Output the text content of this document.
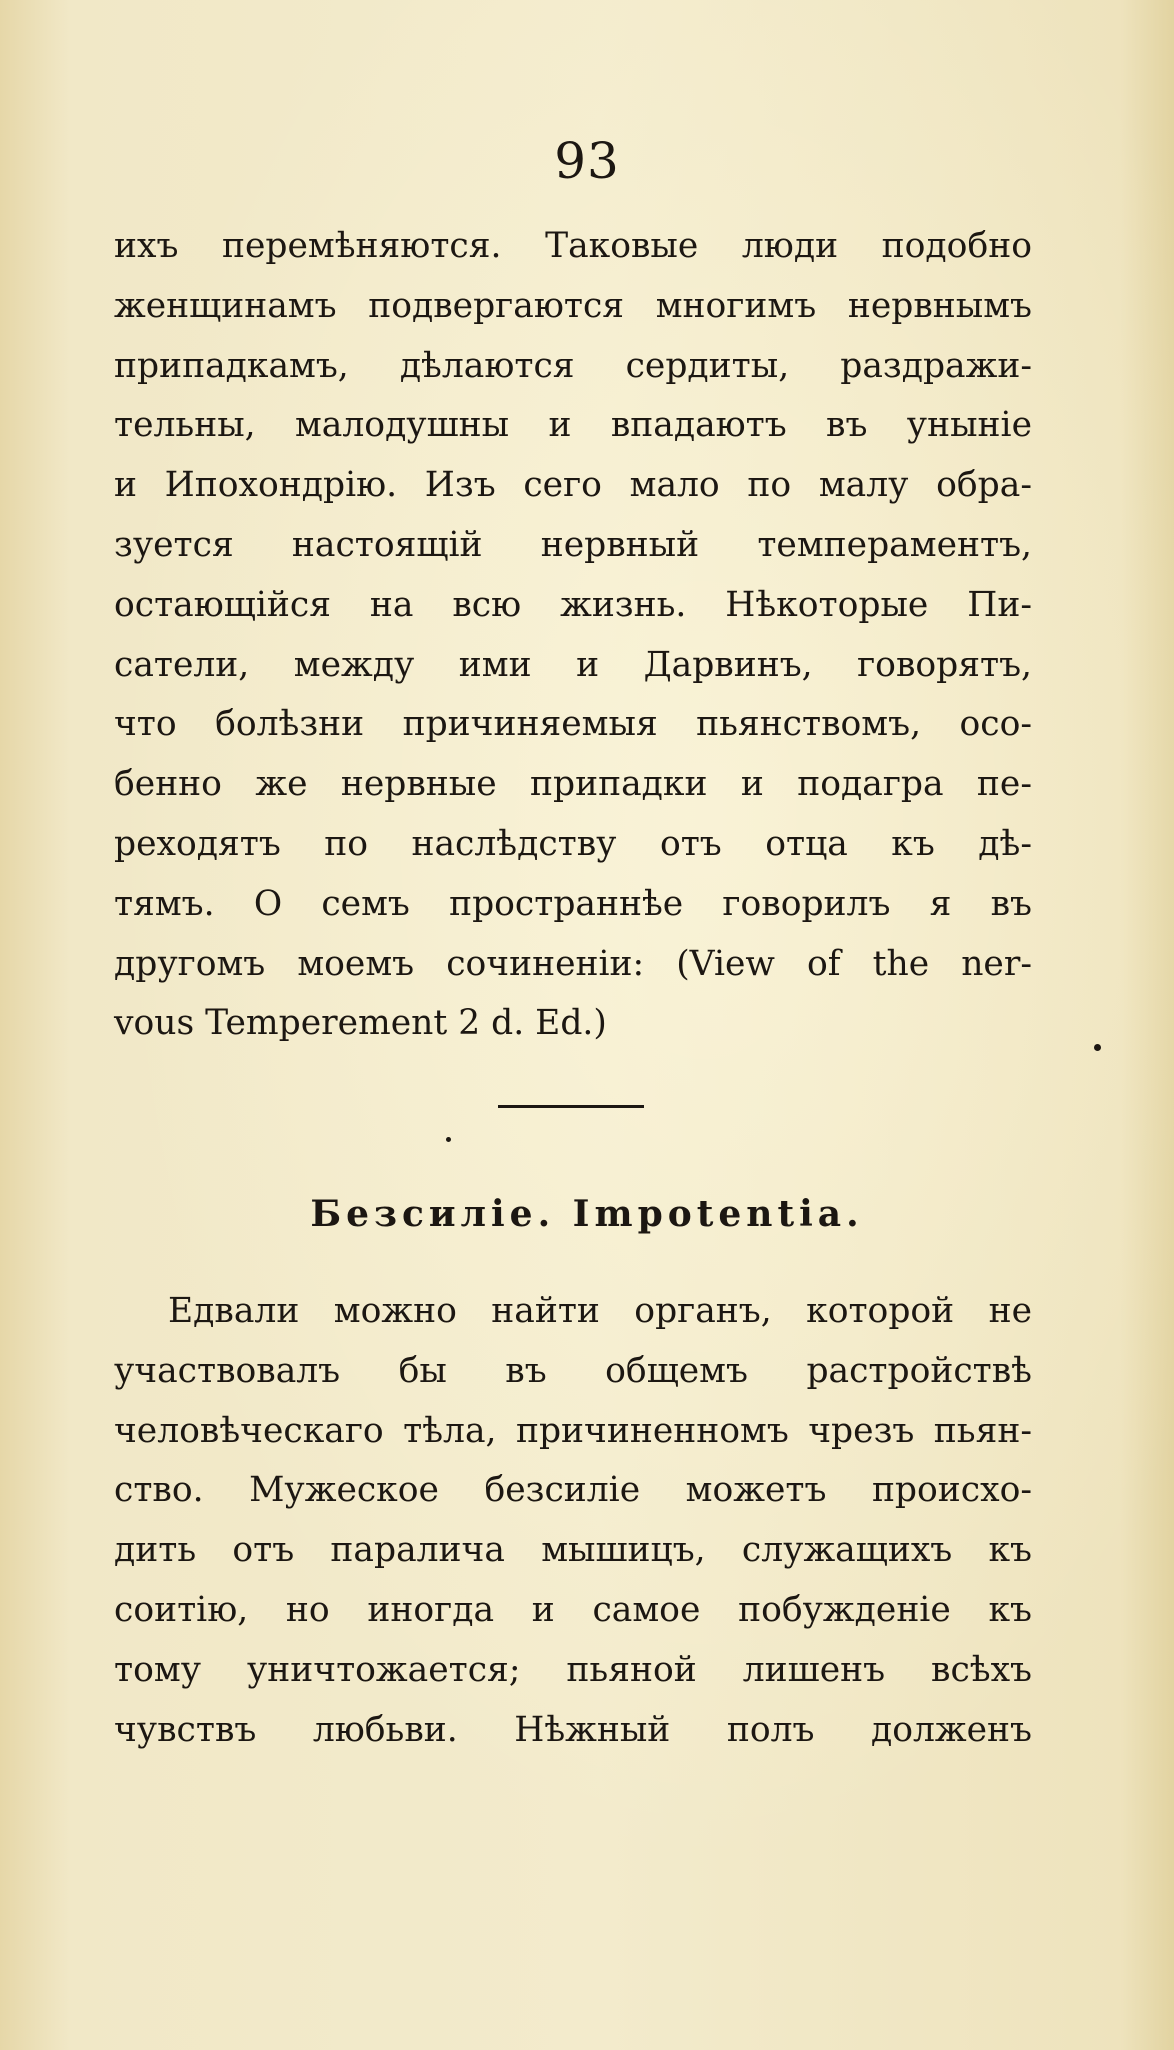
93
ихъ перемѣняются. Таковые люди подобно
женщинамъ подвергаются многимъ нервнымъ
припадкамъ, дѣлаются сердиты, раздражи-
тельны, малодушны и впадаютъ въ уныніе
и Ипохондрію. Изъ сего мало по малу обра-
зуется настоящій нервный темпераментъ,
остающійся на всю жизнь. Нѣкоторые Пи-
сатели, между ими и Дарвинъ, говорятъ,
что болѣзни причиняемыя пьянствомъ, осо-
бенно же нервные припадки и подагра пе-
реходятъ по наслѣдству отъ отца къ дѣ-
тямъ. О семъ пространнѣе говорилъ я въ
другомъ моемъ сочиненіи: (View of the ner-
vous Temperement 2 d. Ed.)
Безсиліе. Impotentia.
Едвали можно найти органъ, которой не
участвовалъ бы въ общемъ растройствѣ
человѣческаго тѣла, причиненномъ чрезъ пьян-
ство. Мужеское безсиліе можетъ происхо-
дить отъ паралича мышицъ, служащихъ къ
соитію, но иногда и самое побужденіе къ
тому уничтожается; пьяной лишенъ всѣхъ
чувствъ любьви. Нѣжный полъ долженъ
